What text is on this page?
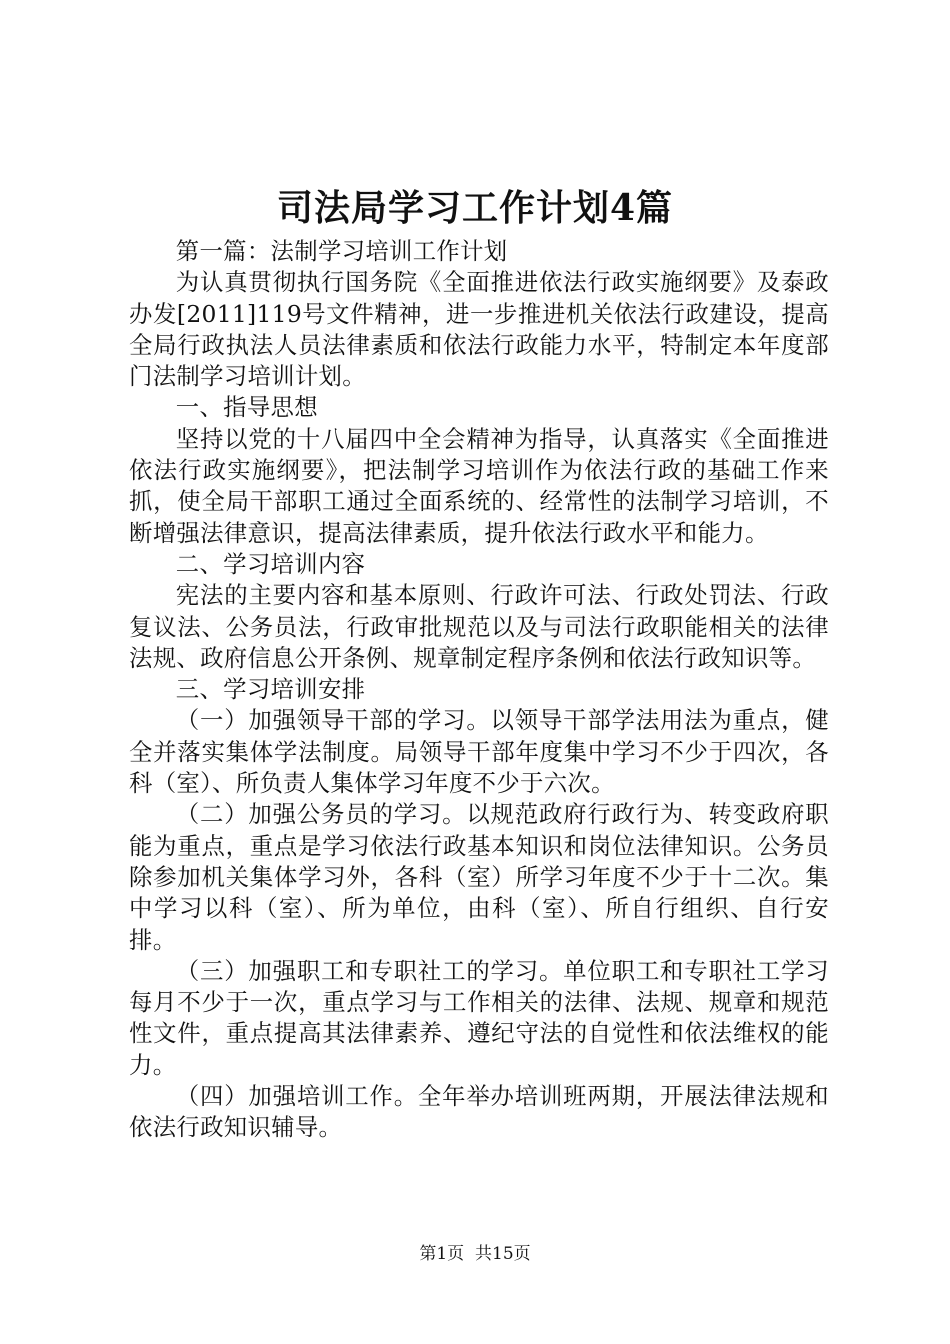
司法局学习工作计划4篇

第一篇：法制学习培训工作计划

为认真贯彻执行国务院《全面推进依法行政实施纲要》及泰政办发[2011]119号文件精神，进一步推进机关依法行政建设，提高全局行政执法人员法律素质和依法行政能力水平，特制定本年度部门法制学习培训计划。

一、指导思想

坚持以党的十八届四中全会精神为指导，认真落实《全面推进依法行政实施纲要》，把法制学习培训作为依法行政的基础工作来抓，使全局干部职工通过全面系统的、经常性的法制学习培训，不断增强法律意识，提高法律素质，提升依法行政水平和能力。

二、学习培训内容

宪法的主要内容和基本原则、行政许可法、行政处罚法、行政复议法、公务员法，行政审批规范以及与司法行政职能相关的法律法规、政府信息公开条例、规章制定程序条例和依法行政知识等。

三、学习培训安排

（一）加强领导干部的学习。以领导干部学法用法为重点，健全并落实集体学法制度。局领导干部年度集中学习不少于四次，各科（室）、所负责人集体学习年度不少于六次。

（二）加强公务员的学习。以规范政府行政行为、转变政府职能为重点，重点是学习依法行政基本知识和岗位法律知识。公务员除参加机关集体学习外，各科（室）所学习年度不少于十二次。集中学习以科（室）、所为单位，由科（室）、所自行组织、自行安排。

（三）加强职工和专职社工的学习。单位职工和专职社工学习每月不少于一次，重点学习与工作相关的法律、法规、规章和规范性文件，重点提高其法律素养、遵纪守法的自觉性和依法维权的能力。

（四）加强培训工作。全年举办培训班两期，开展法律法规和依法行政知识辅导。

第1页 共15页
